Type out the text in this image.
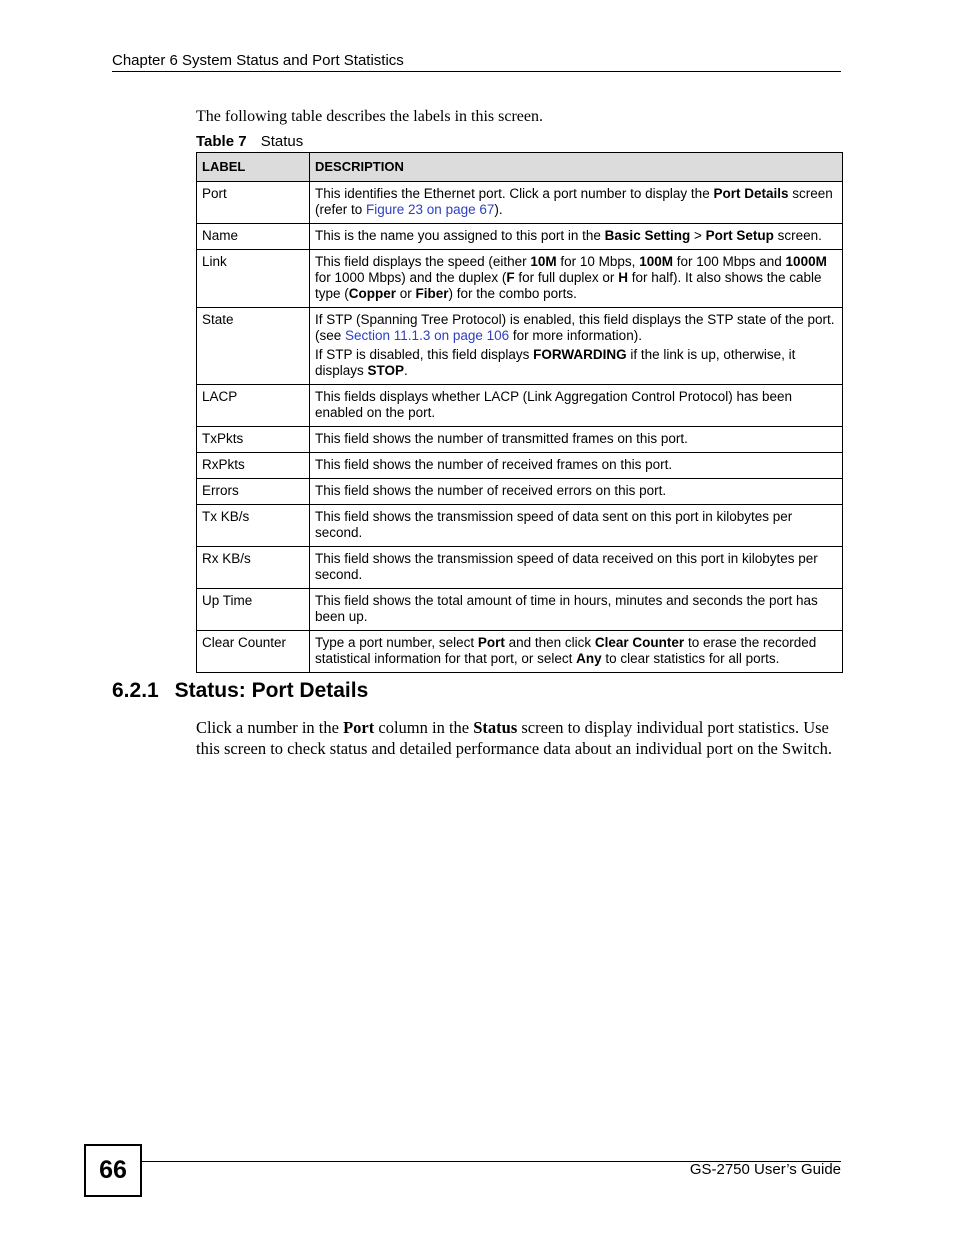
Chapter 6 System Status and Port Statistics
The following table describes the labels in this screen.
Table 7 Status
LABEL	DESCRIPTION
Port	This identifies the Ethernet port. Click a port number to display the Port Details screen (refer to Figure 23 on page 67).

Name	This is the name you assigned to this port in the Basic Setting > Port Setup screen.

Link	This field displays the speed (either 10M for 10 Mbps, 100M for 100 Mbps and 1000M for 1000 Mbps) and the duplex (F for full duplex or H for half). It also shows the cable type (Copper or Fiber) for the combo ports.

State	If STP (Spanning Tree Protocol) is enabled, this field displays the STP state of the port. (see Section 11.1.3 on page 106 for more information).

If STP is disabled, this field displays FORWARDING if the link is up, otherwise, it displays STOP.

LACP	This fields displays whether LACP (Link Aggregation Control Protocol) has been enabled on the port.

TxPkts	This field shows the number of transmitted frames on this port.

RxPkts	This field shows the number of received frames on this port.

Errors	This field shows the number of received errors on this port.

Tx KB/s	This field shows the transmission speed of data sent on this port in kilobytes per second.

Rx KB/s	This field shows the transmission speed of data received on this port in kilobytes per second.

Up Time	This field shows the total amount of time in hours, minutes and seconds the port has been up.

Clear Counter	Type a port number, select Port and then click Clear Counter to erase the recorded statistical information for that port, or select Any to clear statistics for all ports.

6.2.1 Status: Port Details
Click a number in the Port column in the Status screen to display individual port statistics. Use this screen to check status and detailed performance data about an individual port on the Switch.
66	GS-2750 User’s Guide
